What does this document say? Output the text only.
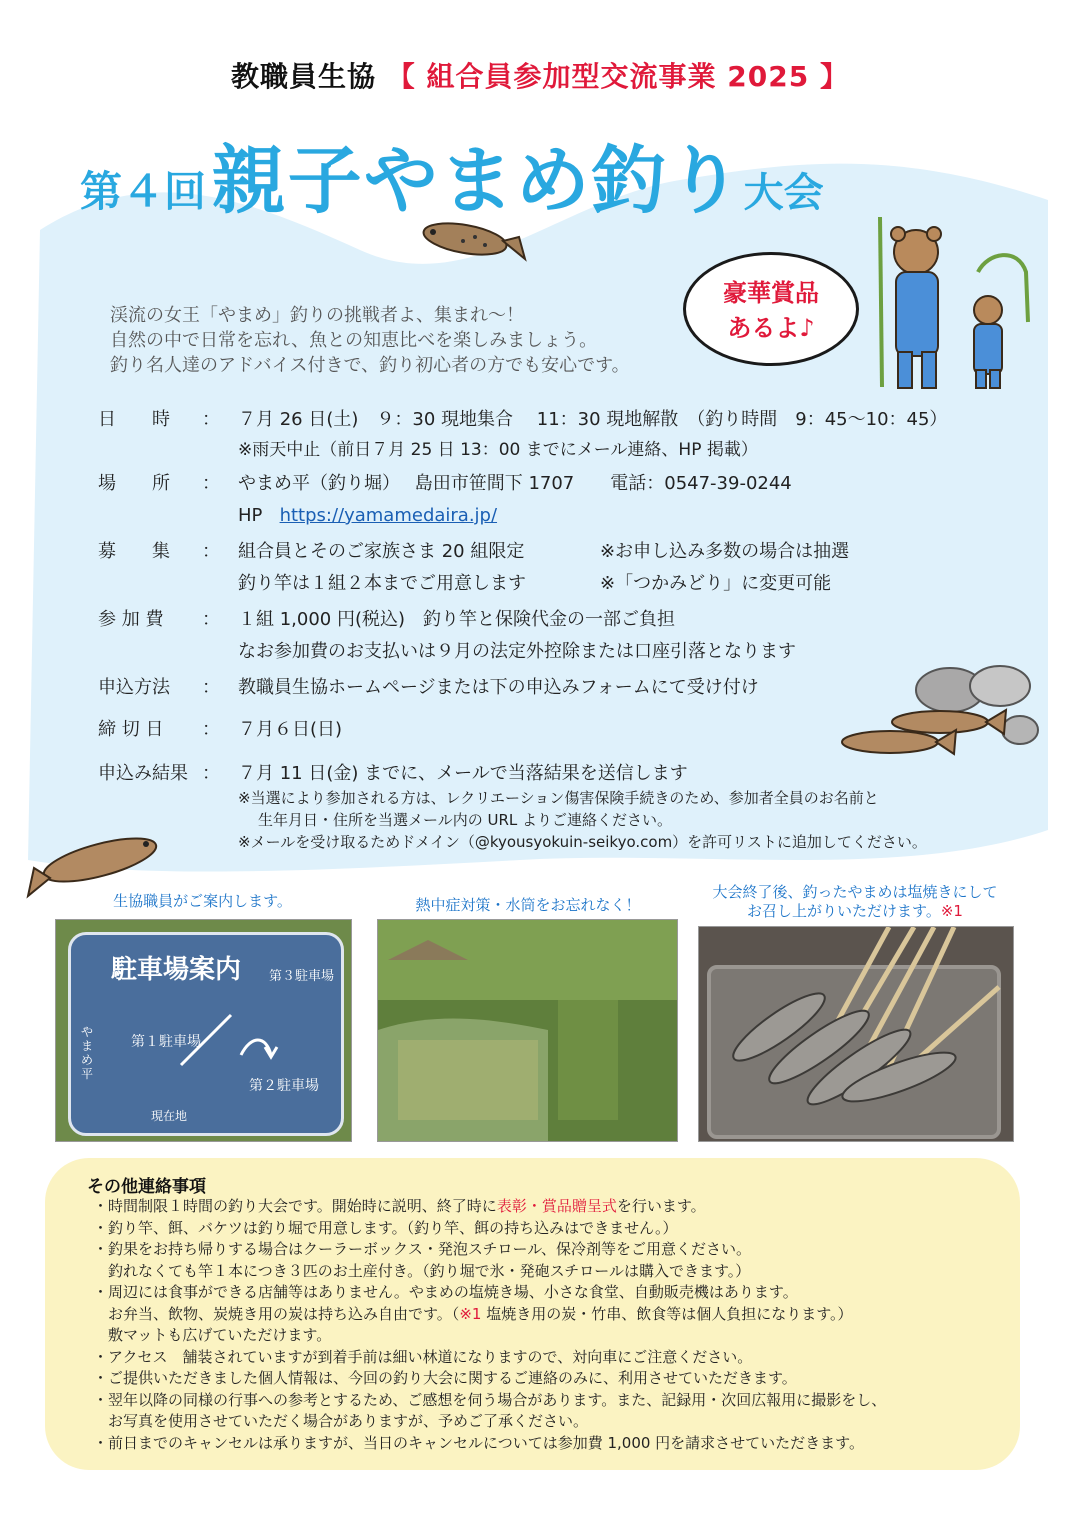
教職員生協 【 組合員参加型交流事業 2025 】
第４回 親子やまめ釣り大会
豪華賞品
あるよ♪
渓流の女王「やまめ」釣りの挑戦者よ、集まれ～！
自然の中で日常を忘れ、魚との知恵比べを楽しみましょう。
釣り名人達のアドバイス付きで、釣り初心者の方でも安心です。
日　　時	： ７月 26 日(土)　９：30 現地集合　 11：30 現地解散　（釣り時間　9：45～10：45）
※雨天中止（前日７月 25 日 13：00 までにメール連絡、HP 掲載）
場　　所	： やまめ平（釣り堀）　 島田市笹間下 1707　　電話：0547-39-0244
HP https://yamamedaira.jp/
募　　集	： 組合員とそのご家族さま 20 組限定	※お申し込み多数の場合は抽選
釣り竿は１組２本までご用意します	※「つかみどり」に変更可能
参 加 費	： １組 1,000 円(税込)　釣り竿と保険代金の一部ご負担
なお参加費のお支払いは９月の法定外控除または口座引落となります
申込方法	： 教職員生協ホームページまたは下の申込みフォームにて受け付け
締 切 日	： ７月６日(日)
申込み結果 ： ７月 11 日(金) までに、メールで当落結果を送信します
※当選により参加される方は、レクリエーション傷害保険手続きのため、参加者全員のお名前と
生年月日・住所を当選メール内の URL よりご連絡ください。
※メールを受け取るためドメイン（@kyousyokuin-seikyo.com）を許可リストに追加してください。
生協職員がご案内します。	熱中症対策・水筒をお忘れなく！
大会終了後、釣ったやまめは塩焼きにして
お召し上がりいただけます。※1
駐車場案内 第３駐車場
第１駐車場
第２駐車場
現在地
やまめ平
その他連絡事項
・時間制限１時間の釣り大会です。開始時に説明、終了時に表彰・賞品贈呈式を行います。
・釣り竿、餌、バケツは釣り堀で用意します。（釣り竿、餌の持ち込みはできません。）
・釣果をお持ち帰りする場合はクーラーボックス・発泡スチロール、保冷剤等をご用意ください。
　釣れなくても竿１本につき３匹のお土産付き。（釣り堀で氷・発砲スチロールは購入できます。）
・周辺には食事ができる店舗等はありません。やまめの塩焼き場、小さな食堂、自動販売機はあります。
　お弁当、飲物、炭焼き用の炭は持ち込み自由です。（※1 塩焼き用の炭・竹串、飲食等は個人負担になります。）
　敷マットも広げていただけます。
・アクセス　舗装されていますが到着手前は細い林道になりますので、対向車にご注意ください。
・ご提供いただきました個人情報は、今回の釣り大会に関するご連絡のみに、利用させていただきます。
・翌年以降の同様の行事への参考とするため、ご感想を伺う場合があります。また、記録用・次回広報用に撮影をし、
　お写真を使用させていただく場合がありますが、予めご了承ください。
・前日までのキャンセルは承りますが、当日のキャンセルについては参加費 1,000 円を請求させていただきます。
